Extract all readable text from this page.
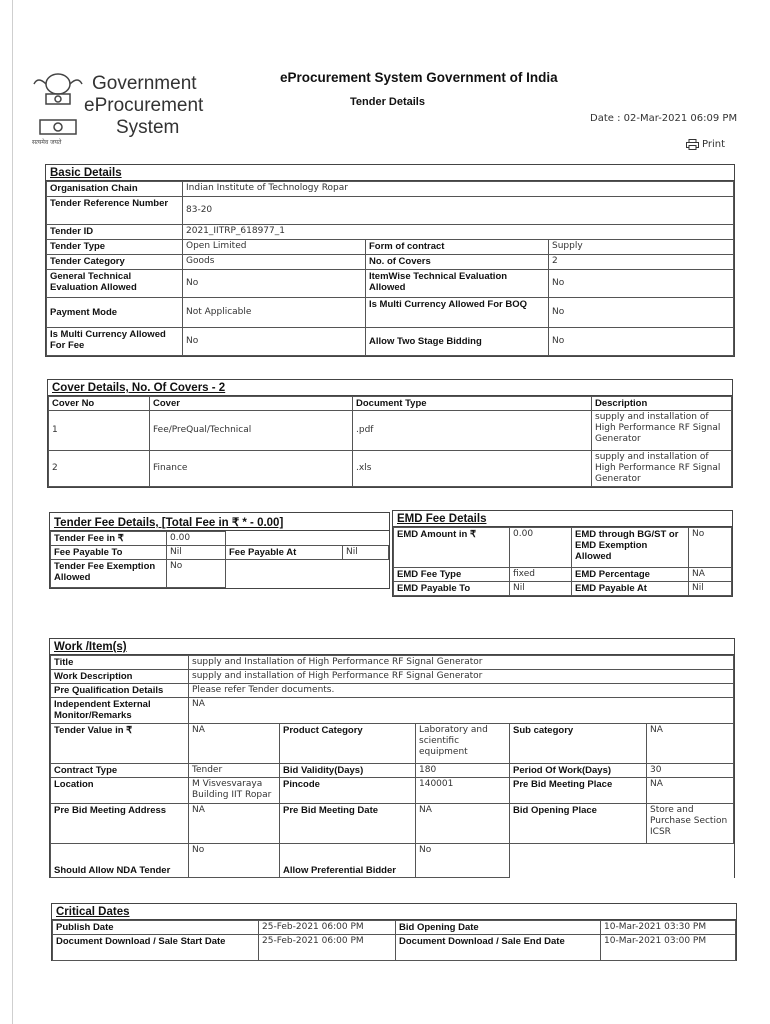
Government
eProcurement
System
सत्यमेव जयते
eProcurement System Government of India
Tender Details
Date : 02-Mar-2021 06:09 PM
Print
Basic Details
Organisation Chain	Indian Institute of Technology Ropar		
Tender Reference Number	83-20		
Tender ID	2021_IITRP_618977_1		
Tender Type	Open Limited	Form of contract	Supply
Tender Category	Goods	No. of Covers	2
General Technical Evaluation Allowed	No	ItemWise Technical Evaluation Allowed	No
Payment Mode	Not Applicable	Is Multi Currency Allowed For BOQ	No
Is Multi Currency Allowed For Fee	No	Allow Two Stage Bidding	No
Cover Details, No. Of Covers - 2
Cover No	Cover	Document Type	Description
1	Fee/PreQual/Technical	.pdf	supply and installation of High Performance RF Signal Generator
2	Finance	.xls	supply and installation of High Performance RF Signal Generator
Tender Fee Details, [Total Fee in ₹ * - 0.00]
Tender Fee in ₹	0.00		
Fee Payable To	Nil	Fee Payable At	Nil
Tender Fee Exemption Allowed	No		
EMD Fee Details
EMD Amount in ₹	0.00	EMD through BG/ST or EMD Exemption Allowed	No
EMD Fee Type	fixed	EMD Percentage	NA
EMD Payable To	Nil	EMD Payable At	Nil
Work /Item(s)
Title	supply and Installation of High Performance RF Signal Generator				
Work Description	supply and installation of High Performance RF Signal Generator				
Pre Qualification Details	Please refer Tender documents.				
Independent External Monitor/Remarks	NA				
Tender Value in ₹	NA	Product Category	Laboratory and scientific equipment	Sub category	NA
Contract Type	Tender	Bid Validity(Days)	180	Period Of Work(Days)	30
Location	M Visvesvaraya Building IIT Ropar	Pincode	140001	Pre Bid Meeting Place	NA
Pre Bid Meeting Address	NA	Pre Bid Meeting Date	NA	Bid Opening Place	Store and Purchase Section ICSR
Should Allow NDA Tender	No	Allow Preferential Bidder	No		
Critical Dates
Publish Date	25-Feb-2021 06:00 PM	Bid Opening Date	10-Mar-2021 03:30 PM
Document Download / Sale Start Date	25-Feb-2021 06:00 PM	Document Download / Sale End Date	10-Mar-2021 03:00 PM
